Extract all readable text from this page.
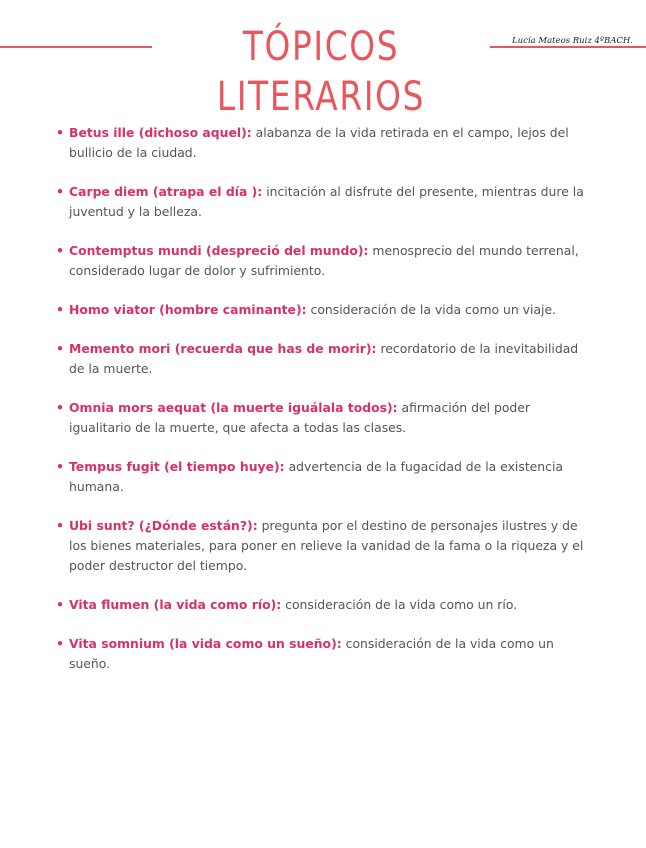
TÓPICOS LITERARIOS
Lucía Mateos Ruiz 4ºBACH.
• Betus ille (dichoso aquel): alabanza de la vida retirada en el campo, lejos del bullicio de la ciudad.
• Carpe diem (atrapa el día ): incitación al disfrute del presente, mientras dure la juventud y la belleza.
• Contemptus mundi (despreció del mundo): menosprecio del mundo terrenal, considerado lugar de dolor y sufrimiento.
• Homo viator (hombre caminante): consideración de la vida como un viaje.
• Memento mori (recuerda que has de morir): recordatorio de la inevitabilidad de la muerte.
• Omnia mors aequat (la muerte iguálala todos): afirmación del poder igualitario de la muerte, que afecta a todas las clases.
• Tempus fugit (el tiempo huye): advertencia de la fugacidad de la existencia humana.
• Ubi sunt? (¿Dónde están?): pregunta por el destino de personajes ilustres y de los bienes materiales, para poner en relieve la vanidad de la fama o la riqueza y el poder destructor del tiempo.
• Vita flumen (la vida como río): consideración de la vida como un río.
• Vita somnium (la vida como un sueño): consideración de la vida como un sueño.
